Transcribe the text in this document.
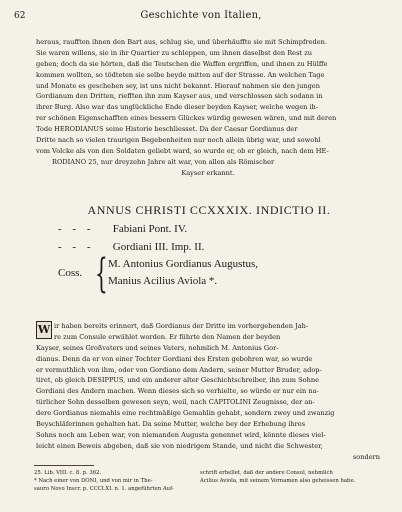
62	Geschichte von Italien,
heraus, raufften ihnen den Bart aus, schlug sie, und überhäuffte sie mit Schimpfreden.
Sie waren willens, sie in ihr Quartier zu schleppen, um ihnen daselbst den Rest zu
geben; doch da sie hörten, daß die Teutschen die Waffen ergriffen, und ihnen zu Hülffe
kommen wollten, so tödteten sie selbe beyde mitten auf der Strasse. An welchen Tage
und Monate es geschehen sey, ist uns nicht bekannt. Hierauf nahmen sie den jungen
Gordianum den Dritten, riefften ihn zum Kayser aus, und verschlossen sich sodann in
ihrer Burg. Also war das unglückliche Ende dieser beyden Kayser, welche wegen ih-
rer schönen Eigenschafften eines bessern Glückes würdig gewesen wären, und mit deren
Tode HERODIANUS seine Historie beschliesset. Da der Caesar Gordianus der
Dritte nach so vielen traurigen Begebenheiten nur noch allein übrig war, und sowohl
vom Volcke als von den Soldaten geliebt ward, so wurde er, ob er gleich, nach dem HE-
RODIANO 25, nur dreyzehn Jahre alt war, von allen als Römischer
Kayser erkannt.
ANNUS CHRISTI CCXXXIX. INDICTIO II.
- - - Fabiani Pont. IV.
- - - Gordiani III. Imp. II.
Coss. { M. Antonius Gordianus Augustus,
Manius Acilius Aviola *.
W ir haben bereits erinnert, daß Gordianus der Dritte im vorhergehenden Jah-
re zum Consule erwählet worden. Er führte den Namen der beyden
Kayser, seines Großvaters und seines Vaters, nehmlich M. Antonius Gor-
dianus. Denn da er von einer Tochter Gordiani des Ersten gebohren war, so wurde
er vermuthlich von ihm, oder von Gordiano dem Andern, seiner Mutter Bruder, adop-
tiret, ob gleich DESIPPUS, und ein anderer alter Geschichtschreiber, ihn zum Sohne
Gordiani des Andern machen. Wenn dieses sich so verhielte, so würde er nur ein na-
türlicher Sohn desselben gewesen seyn, weil, nach CAPITOLINI Zeugnisse, der an-
dere Gordianus niemahls eine rechtmäßige Gemahlin gehabt, sondern zwey und zwanzig
Beyschläferinnen gehalten hat. Da seine Mutter, welche bey der Erhebung ihres
Sohns noch am Leben war, von niemanden Augusta genennet wird, könnte dieses viel-
leicht einen Beweis abgeben, daß sie von niedrigem Stande, und nicht die Schwester,
sondern
25. Lib. VIII. c. 8. p. 362.
* Nach einer von DONI, und von mir in The-
sauro Novo Inscr. p. CCCLXI. n. 1. angeführten Auf-
schrift erhellet, daß der andere Consul, nehmlich
Acilius Aviola, mit seinem Vornamen also geheissen habe.
